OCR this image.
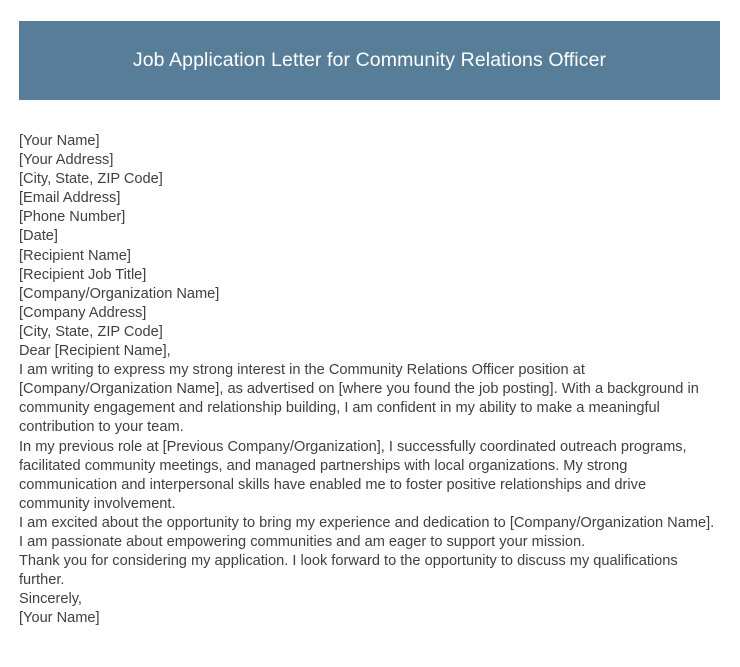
Job Application Letter for Community Relations Officer

[Your Name]

[Your Address]

[City, State, ZIP Code]

[Email Address]

[Phone Number]

[Date]

[Recipient Name]

[Recipient Job Title]

[Company/Organization Name]

[Company Address]

[City, State, ZIP Code]

Dear [Recipient Name],

I am writing to express my strong interest in the Community Relations Officer position at [Company/Organization Name], as advertised on [where you found the job posting]. With a background in community engagement and relationship building, I am confident in my ability to make a meaningful contribution to your team.

In my previous role at [Previous Company/Organization], I successfully coordinated outreach programs, facilitated community meetings, and managed partnerships with local organizations. My strong communication and interpersonal skills have enabled me to foster positive relationships and drive community involvement.

I am excited about the opportunity to bring my experience and dedication to [Company/Organization Name]. I am passionate about empowering communities and am eager to support your mission.

Thank you for considering my application. I look forward to the opportunity to discuss my qualifications further.

Sincerely,

[Your Name]
